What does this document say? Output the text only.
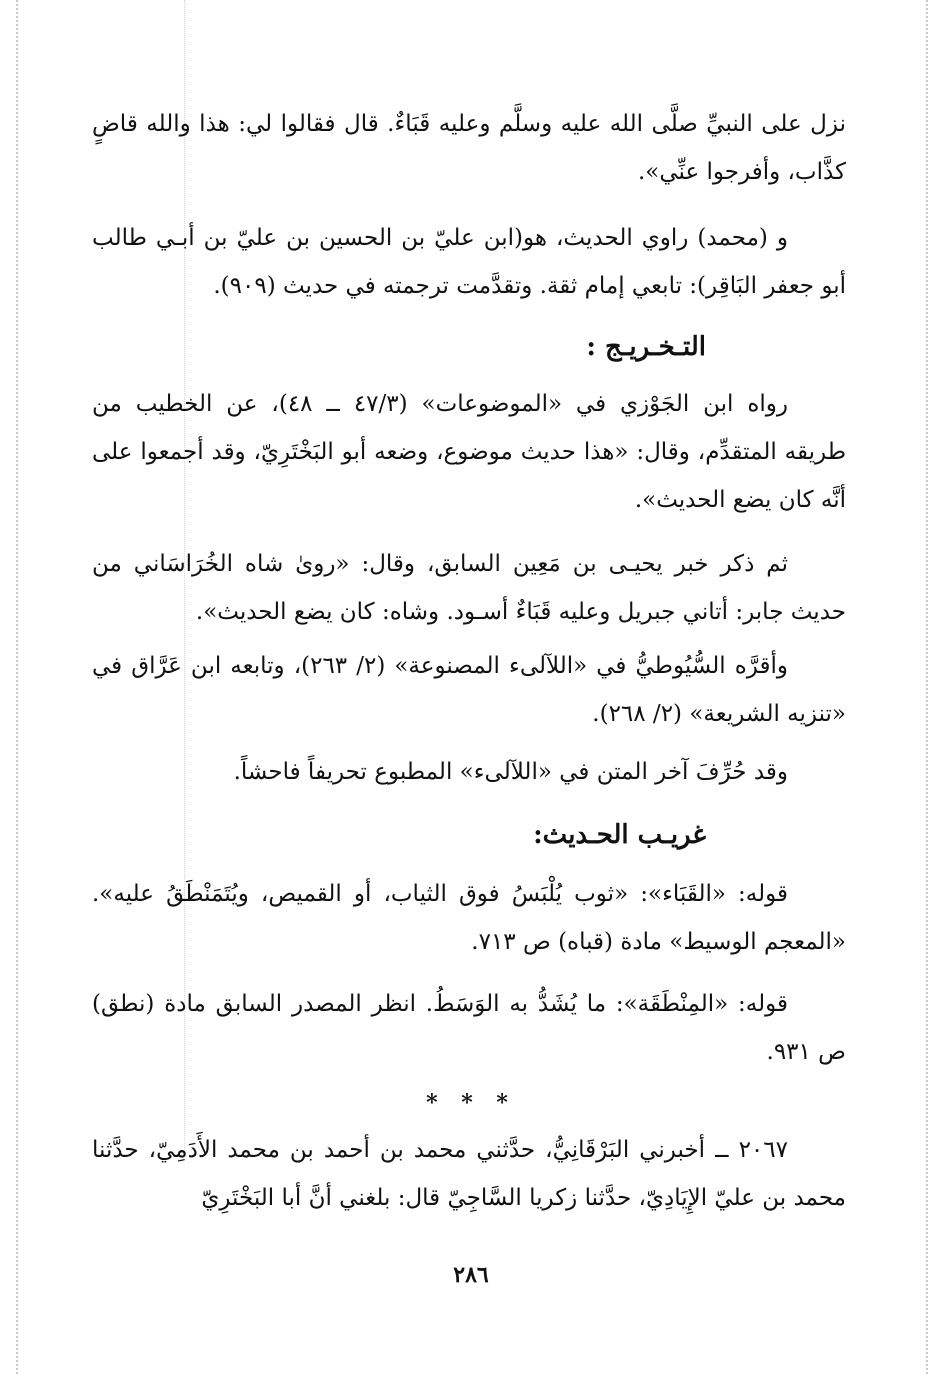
نزل على النبيِّ صلَّى الله عليه وسلَّم وعليه قَبَاءٌ. قال فقالوا لي: هذا والله قاضٍ كذَّاب، وأفرجوا عنِّي».

و (محمد) راوي الحديث، هو(ابن عليّ بن الحسين بن عليّ بن أبـي طالب أبو جعفر البَاقِر): تابعي إمام ثقة. وتقدَّمت ترجمته في حديث (٩٠٩).

التـخـريـج :

رواه ابن الجَوْزي في «الموضوعات» (٤٧/٣ ــ ٤٨)، عن الخطيب من طريقه المتقدِّم، وقال: «هذا حديث موضوع، وضعه أبو البَخْتَرِيّ، وقد أجمعوا على أنَّه كان يضع الحديث».

ثم ذكر خبر يحيـى بن مَعِين السابق، وقال: «روىٰ شاه الخُرَاسَاني من حديث جابر: أتاني جبريل وعليه قَبَاءٌ أسـود. وشاه: كان يضع الحديث».

وأقرَّه السُّيُوطيُّ في «اللآلىء المصنوعة» (٢/ ٢٦٣)، وتابعه ابن عَرَّاق في «تنزيه الشريعة» (٢/ ٢٦٨).

وقد حُرِّفَ آخر المتن في «اللآلىء» المطبوع تحريفاً فاحشاً.

غريـب الحـديث:

قوله: «القَبَاء»: «ثوب يُلْبَسُ فوق الثياب، أو القميص، ويُتَمَنْطَقُ عليه». «المعجم الوسيط» مادة (قباه) ص ٧١٣.

قوله: «المِنْطَقَة»: ما يُشَدُّ به الوَسَطُ. انظر المصدر السابق مادة (نطق) ص ٩٣١.

* * *

٢٠٦٧ ــ أخبرني البَرْقَانِيُّ، حدَّثني محمد بن أحمد بن محمد الأَدَمِيّ، حدَّثنا محمد بن عليّ الإِيَادِيّ، حدَّثنا زكريا السَّاجِيّ قال: بلغني أنَّ أبا البَخْتَرِيّ

٢٨٦
